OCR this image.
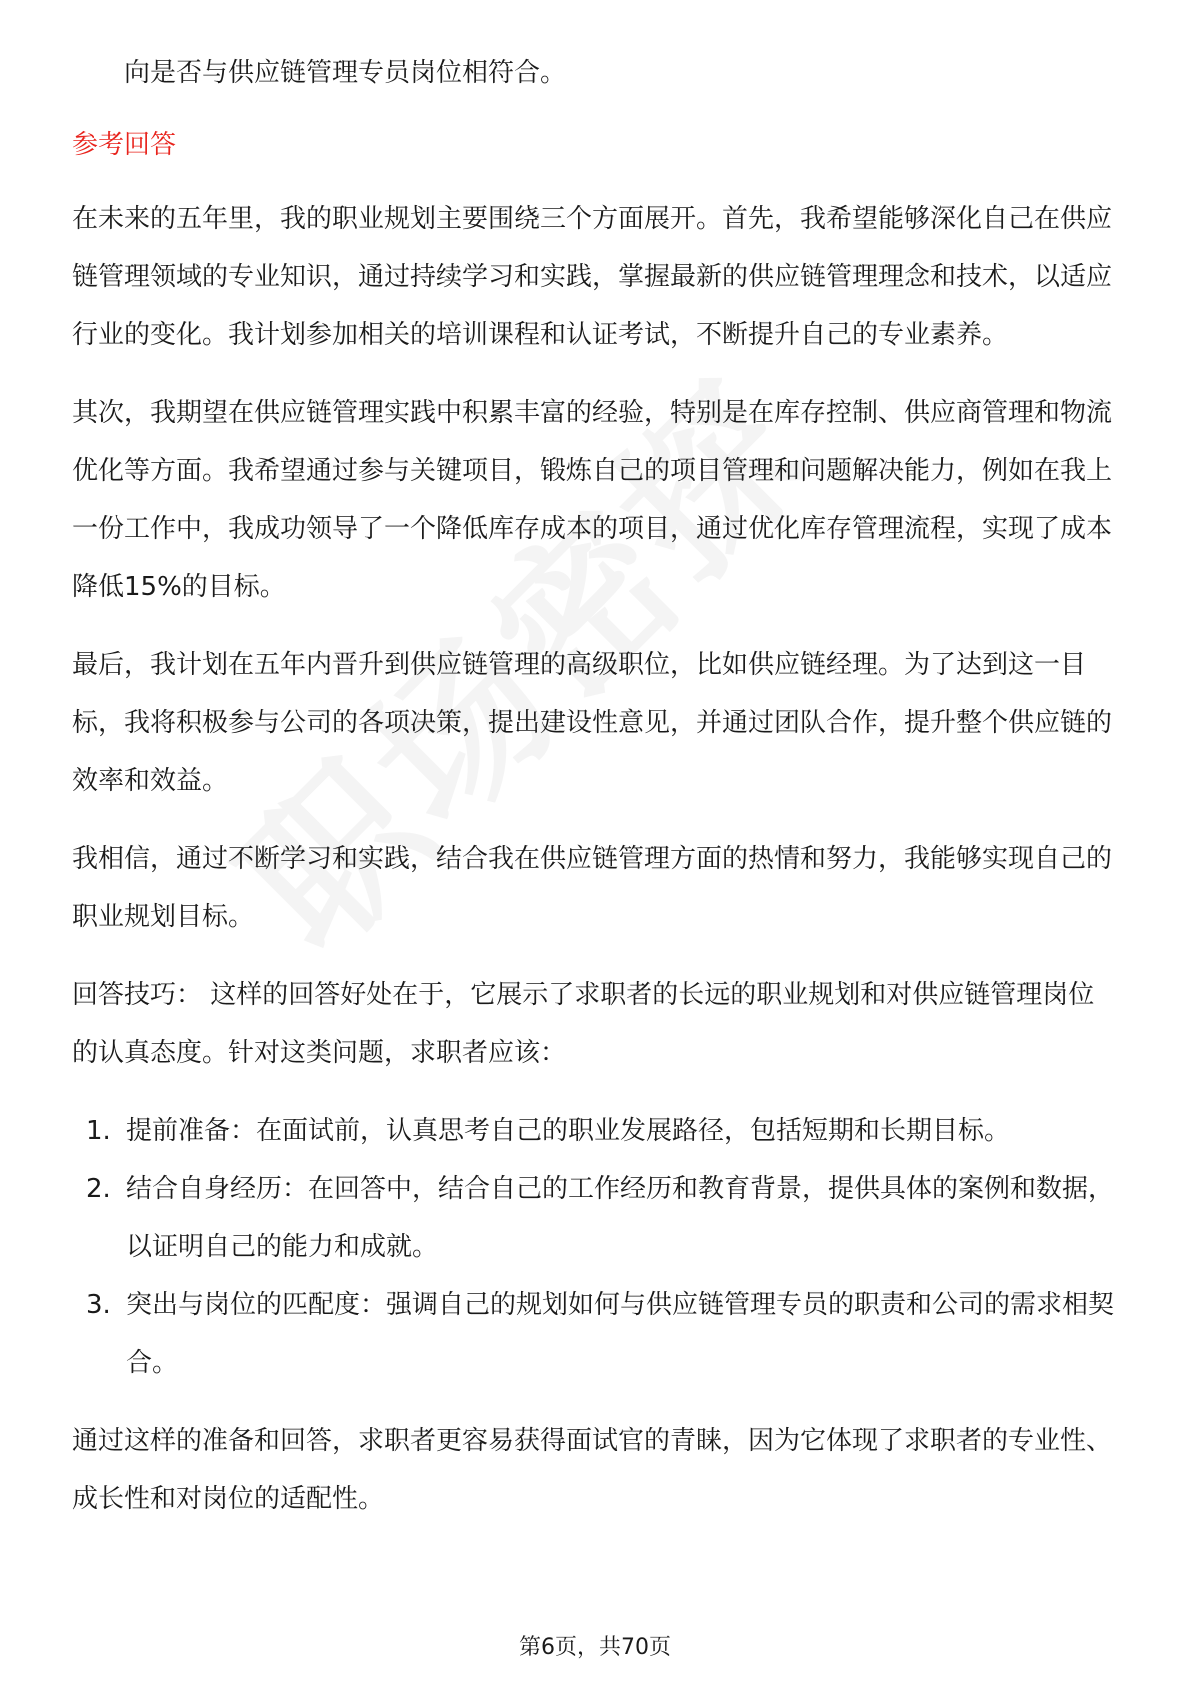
向是否与供应链管理专员岗位相符合。

参考回答

在未来的五年里，我的职业规划主要围绕三个方面展开。首先，我希望能够深化自己在供应链管理领域的专业知识，通过持续学习和实践，掌握最新的供应链管理理念和技术，以适应行业的变化。我计划参加相关的培训课程和认证考试，不断提升自己的专业素养。

其次，我期望在供应链管理实践中积累丰富的经验，特别是在库存控制、供应商管理和物流优化等方面。我希望通过参与关键项目，锻炼自己的项目管理和问题解决能力，例如在我上一份工作中，我成功领导了一个降低库存成本的项目，通过优化库存管理流程，实现了成本降低15%的目标。

最后，我计划在五年内晋升到供应链管理的高级职位，比如供应链经理。为了达到这一目标，我将积极参与公司的各项决策，提出建设性意见，并通过团队合作，提升整个供应链的效率和效益。

我相信，通过不断学习和实践，结合我在供应链管理方面的热情和努力，我能够实现自己的职业规划目标。

回答技巧： 这样的回答好处在于，它展示了求职者的长远的职业规划和对供应链管理岗位的认真态度。针对这类问题，求职者应该：

1. 提前准备：在面试前，认真思考自己的职业发展路径，包括短期和长期目标。
2. 结合自身经历：在回答中，结合自己的工作经历和教育背景，提供具体的案例和数据，以证明自己的能力和成就。
3. 突出与岗位的匹配度：强调自己的规划如何与供应链管理专员的职责和公司的需求相契合。

通过这样的准备和回答，求职者更容易获得面试官的青睐，因为它体现了求职者的专业性、成长性和对岗位的适配性。

第6页，共70页
